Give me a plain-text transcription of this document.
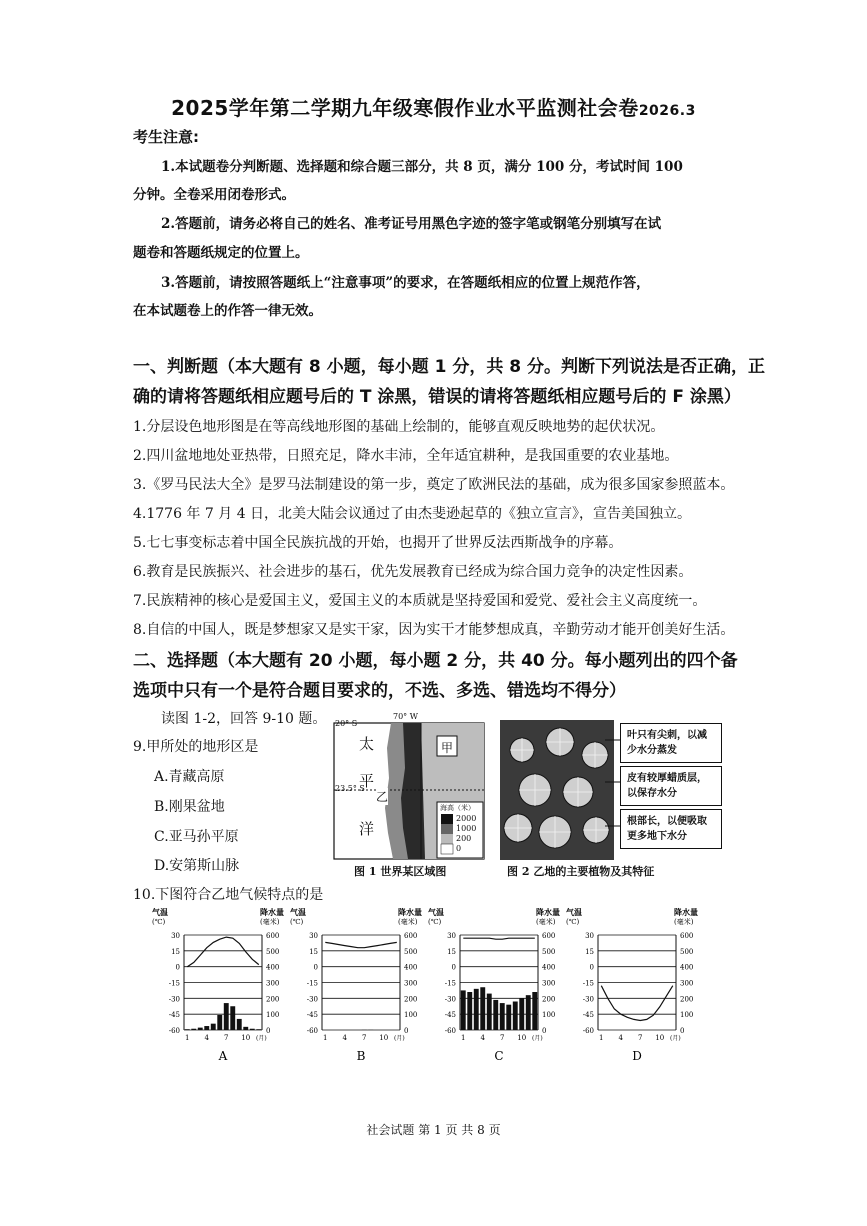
2025学年第二学期九年级寒假作业水平监测社会卷2026.3
考生注意:
1.本试题卷分判断题、选择题和综合题三部分，共 8 页，满分 100 分，考试时间 100
分钟。全卷采用闭卷形式。
2.答题前，请务必将自己的姓名、准考证号用黑色字迹的签字笔或钢笔分别填写在试
题卷和答题纸规定的位置上。
3.答题前，请按照答题纸上“注意事项”的要求，在答题纸相应的位置上规范作答，
在本试题卷上的作答一律无效。
一、判断题（本大题有 8 小题，每小题 1 分，共 8 分。判断下列说法是否正确，正
确的请将答题纸相应题号后的 T 涂黑，错误的请将答题纸相应题号后的 F 涂黑）
1.分层设色地形图是在等高线地形图的基础上绘制的，能够直观反映地势的起伏状况。
2.四川盆地地处亚热带，日照充足，降水丰沛，全年适宜耕种，是我国重要的农业基地。
3.《罗马民法大全》是罗马法制建设的第一步，奠定了欧洲民法的基础，成为很多国家参照蓝本。
4.1776 年 7 月 4 日，北美大陆会议通过了由杰斐逊起草的《独立宣言》，宣告美国独立。
5.七七事变标志着中国全民族抗战的开始，也揭开了世界反法西斯战争的序幕。
6.教育是民族振兴、社会进步的基石，优先发展教育已经成为综合国力竞争的决定性因素。
7.民族精神的核心是爱国主义，爱国主义的本质就是坚持爱国和爱党、爱社会主义高度统一。
8.自信的中国人，既是梦想家又是实干家，因为实干才能梦想成真，辛勤劳动才能开创美好生活。
二、选择题（本大题有 20 小题，每小题 2 分，共 40 分。每小题列出的四个备
选项中只有一个是符合题目要求的，不选、多选、错选均不得分）
读图 1-2，回答 9-10 题。
9.甲所处的地形区是
A.青藏高原
B.刚果盆地
C.亚马孙平原
D.安第斯山脉
10.下图符合乙地气候特点的是
20° S
70° W
23.5° S
太
平
洋
甲
乙
海高（米）
2000
1000
200
0
图 1 世界某区域图
叶只有尖刺，以减少水分蒸发
皮有较厚蜡质层，以保存水分
根部长，以便吸取更多地下水分
图 2 乙地的主要植物及其特征
气温
(℃)
降水量
(毫米)
30	600
15	500
0	400
-15	300
-30	200
-45	100
-60	0
1 4 7 10 (月)
A
气温
(℃)
降水量
(毫米)
30	600
15	500
0	400
-15	300
-30	200
-45	100
-60	0
1 4 7 10 (月)
B
气温
(℃)
降水量
(毫米)
30	600
15	500
0	400
-15	300
-30	200
-45	100
-60	0
1 4 7 10 (月)
C
气温
(℃)
降水量
(毫米)
30	600
15	500
0	400
-15	300
-30	200
-45	100
-60	0
1 4 7 10 (月)
D
社会试题 第 1 页 共 8 页
